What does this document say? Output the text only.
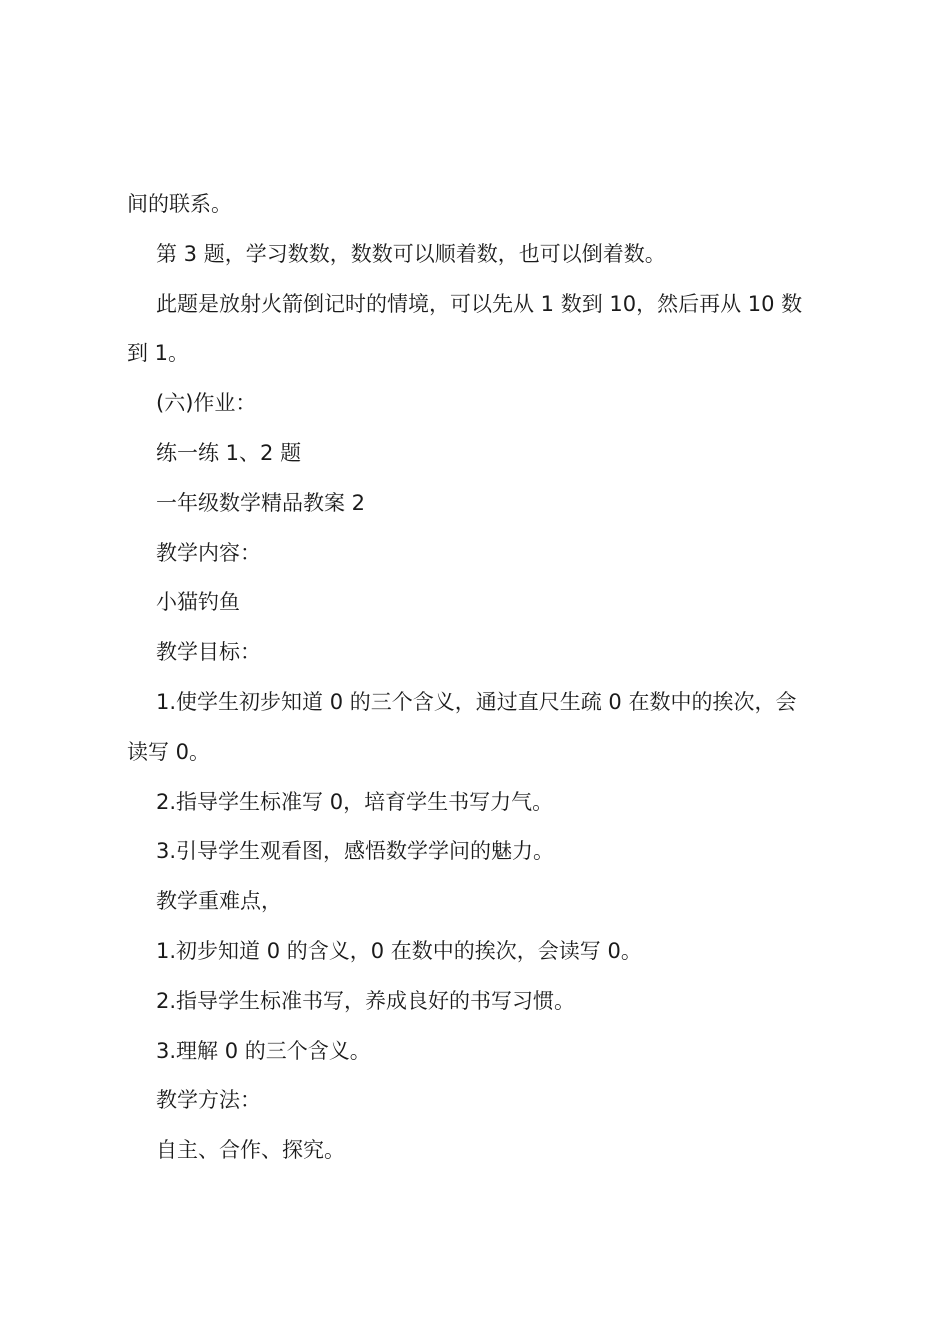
间的联系。

第 3 题，学习数数，数数可以顺着数，也可以倒着数。

此题是放射火箭倒记时的情境，可以先从 1 数到 10，然后再从 10 数

到 1。

(六)作业：

练一练 1、2 题

一年级数学精品教案 2

教学内容：

小猫钓鱼

教学目标：

1.使学生初步知道 0 的三个含义，通过直尺生疏 0 在数中的挨次，会

读写 0。

2.指导学生标准写 0，培育学生书写力气。

3.引导学生观看图，感悟数学学问的魅力。

教学重难点，

1.初步知道 0 的含义，0 在数中的挨次，会读写 0。

2.指导学生标准书写，养成良好的书写习惯。

3.理解 0 的三个含义。

教学方法：

自主、合作、探究。
